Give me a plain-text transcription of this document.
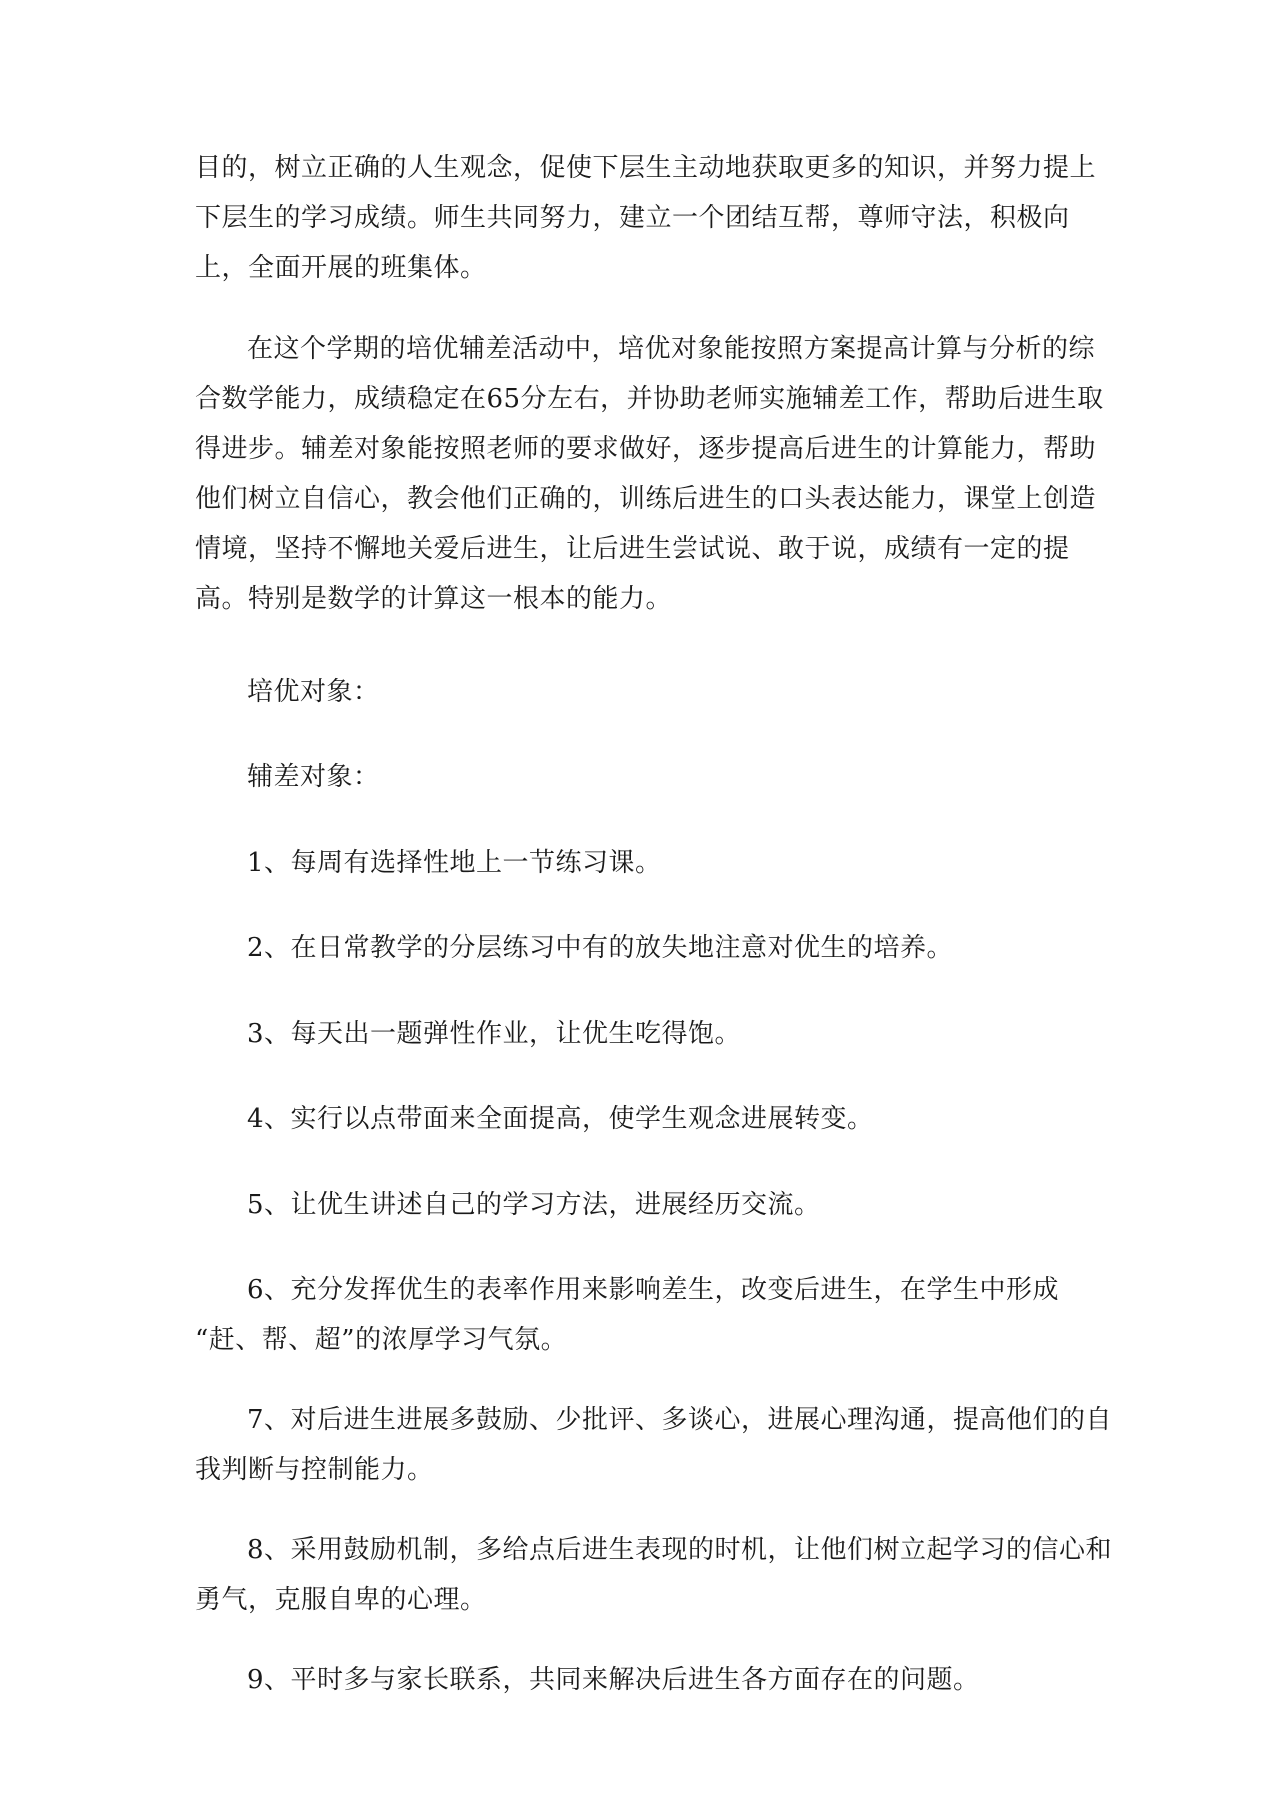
目的，树立正确的人生观念，促使下层生主动地获取更多的知识，并努力提上
下层生的学习成绩。师生共同努力，建立一个团结互帮，尊师守法，积极向
上，全面开展的班集体。

在这个学期的培优辅差活动中，培优对象能按照方案提高计算与分析的综
合数学能力，成绩稳定在65分左右，并协助老师实施辅差工作，帮助后进生取
得进步。辅差对象能按照老师的要求做好，逐步提高后进生的计算能力，帮助
他们树立自信心，教会他们正确的，训练后进生的口头表达能力，课堂上创造
情境，坚持不懈地关爱后进生，让后进生尝试说、敢于说，成绩有一定的提
高。特别是数学的计算这一根本的能力。

培优对象：

辅差对象：

1、每周有选择性地上一节练习课。

2、在日常教学的分层练习中有的放失地注意对优生的培养。

3、每天出一题弹性作业，让优生吃得饱。

4、实行以点带面来全面提高，使学生观念进展转变。

5、让优生讲述自己的学习方法，进展经历交流。

6、充分发挥优生的表率作用来影响差生，改变后进生，在学生中形成
“赶、帮、超”的浓厚学习气氛。

7、对后进生进展多鼓励、少批评、多谈心，进展心理沟通，提高他们的自
我判断与控制能力。

8、采用鼓励机制，多给点后进生表现的时机，让他们树立起学习的信心和
勇气，克服自卑的心理。

9、平时多与家长联系，共同来解决后进生各方面存在的问题。
